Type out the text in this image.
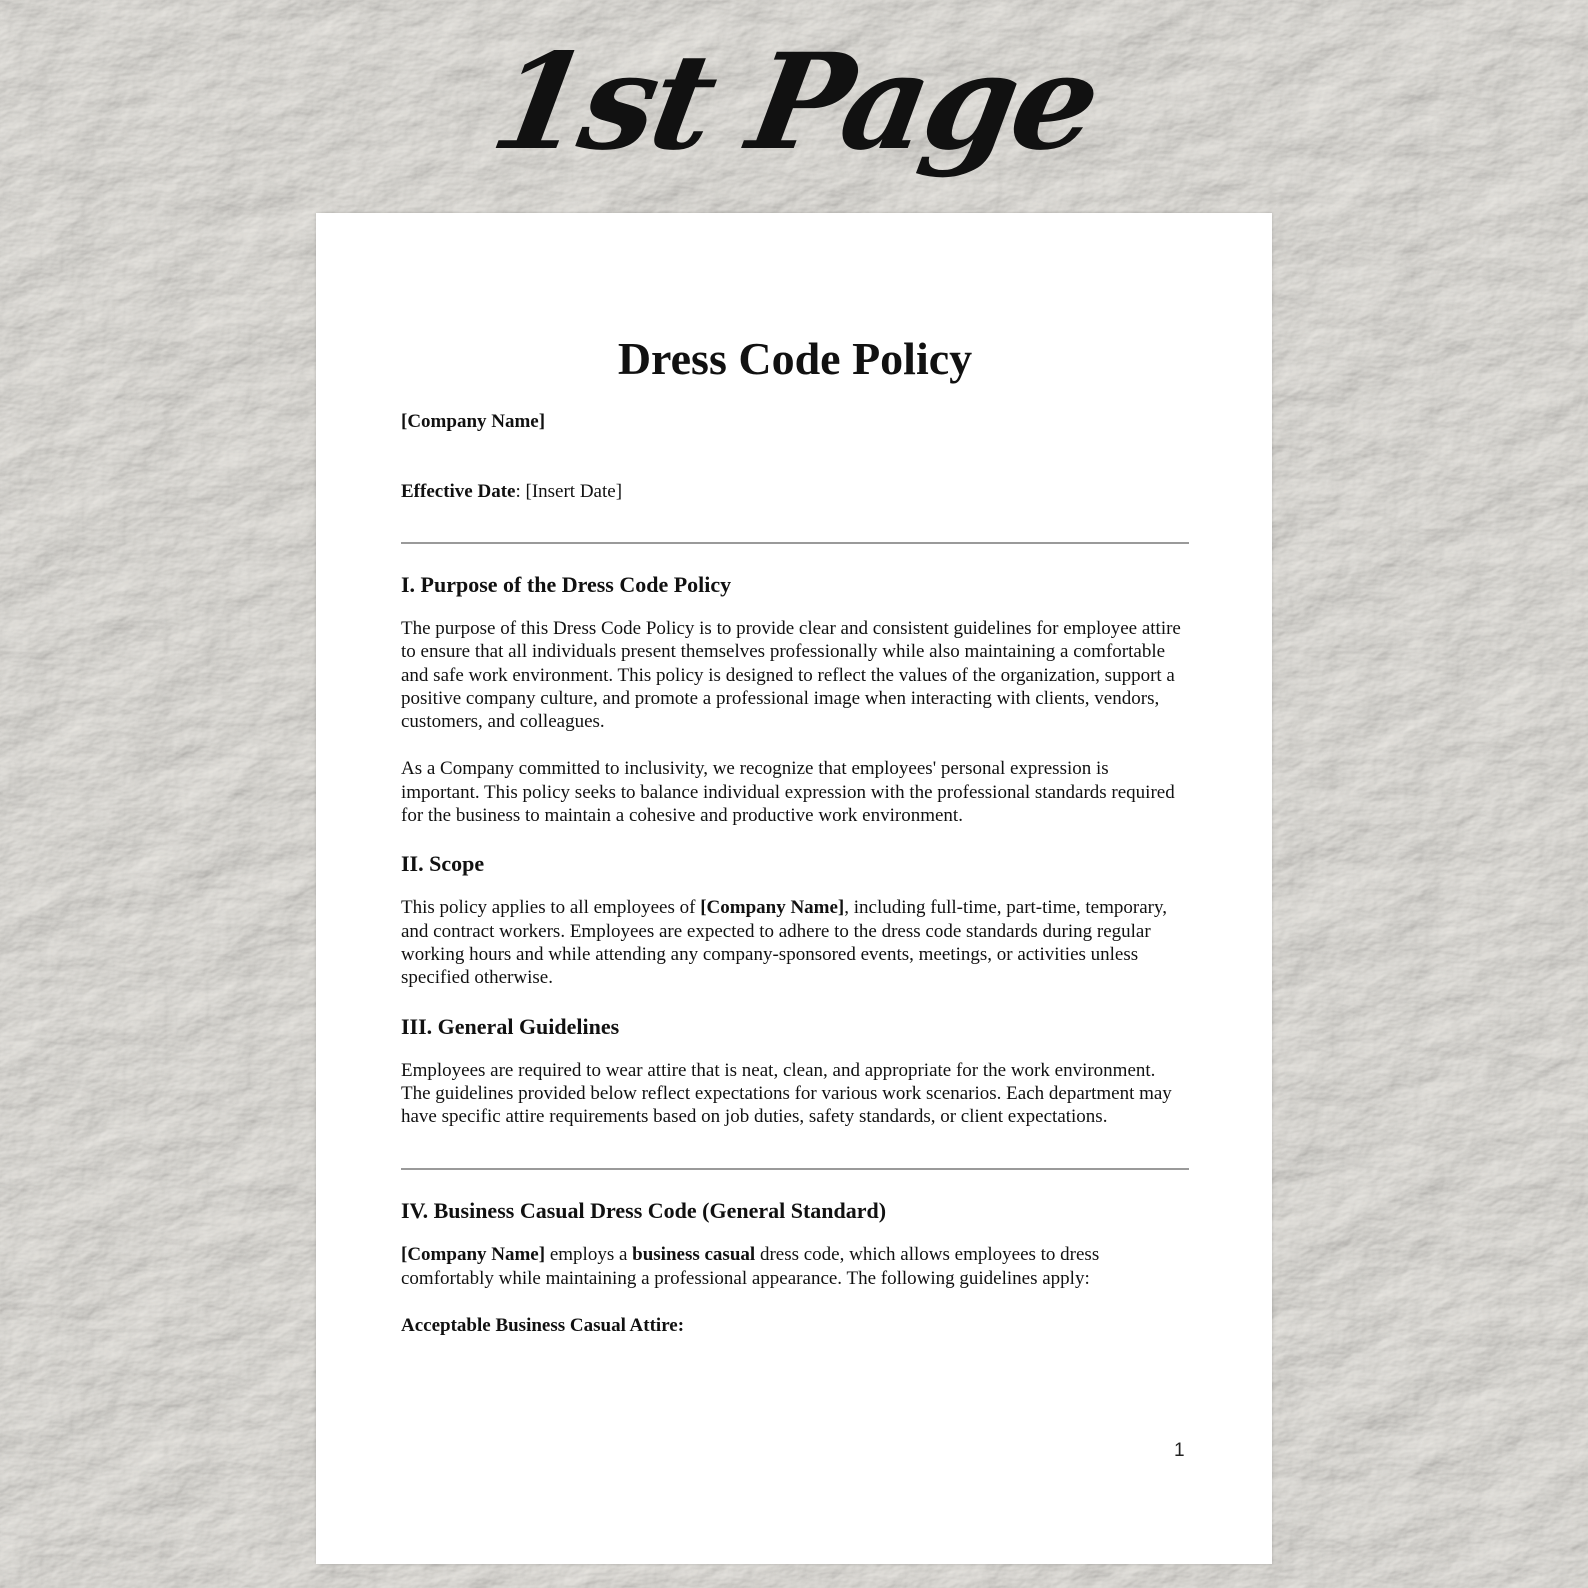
1st Page
Dress Code Policy
[Company Name]
Effective Date: [Insert Date]
I. Purpose of the Dress Code Policy

The purpose of this Dress Code Policy is to provide clear and consistent guidelines for employee attire to ensure that all individuals present themselves professionally while also maintaining a comfortable and safe work environment. This policy is designed to reflect the values of the organization, support a positive company culture, and promote a professional image when interacting with clients, vendors, customers, and colleagues.

As a Company committed to inclusivity, we recognize that employees' personal expression is important. This policy seeks to balance individual expression with the professional standards required for the business to maintain a cohesive and productive work environment.

II. Scope

This policy applies to all employees of [Company Name], including full-time, part-time, temporary, and contract workers. Employees are expected to adhere to the dress code standards during regular working hours and while attending any company-sponsored events, meetings, or activities unless specified otherwise.

III. General Guidelines

Employees are required to wear attire that is neat, clean, and appropriate for the work environment. The guidelines provided below reflect expectations for various work scenarios. Each department may have specific attire requirements based on job duties, safety standards, or client expectations.

IV. Business Casual Dress Code (General Standard)

[Company Name] employs a business casual dress code, which allows employees to dress comfortably while maintaining a professional appearance. The following guidelines apply:

Acceptable Business Casual Attire:

1
